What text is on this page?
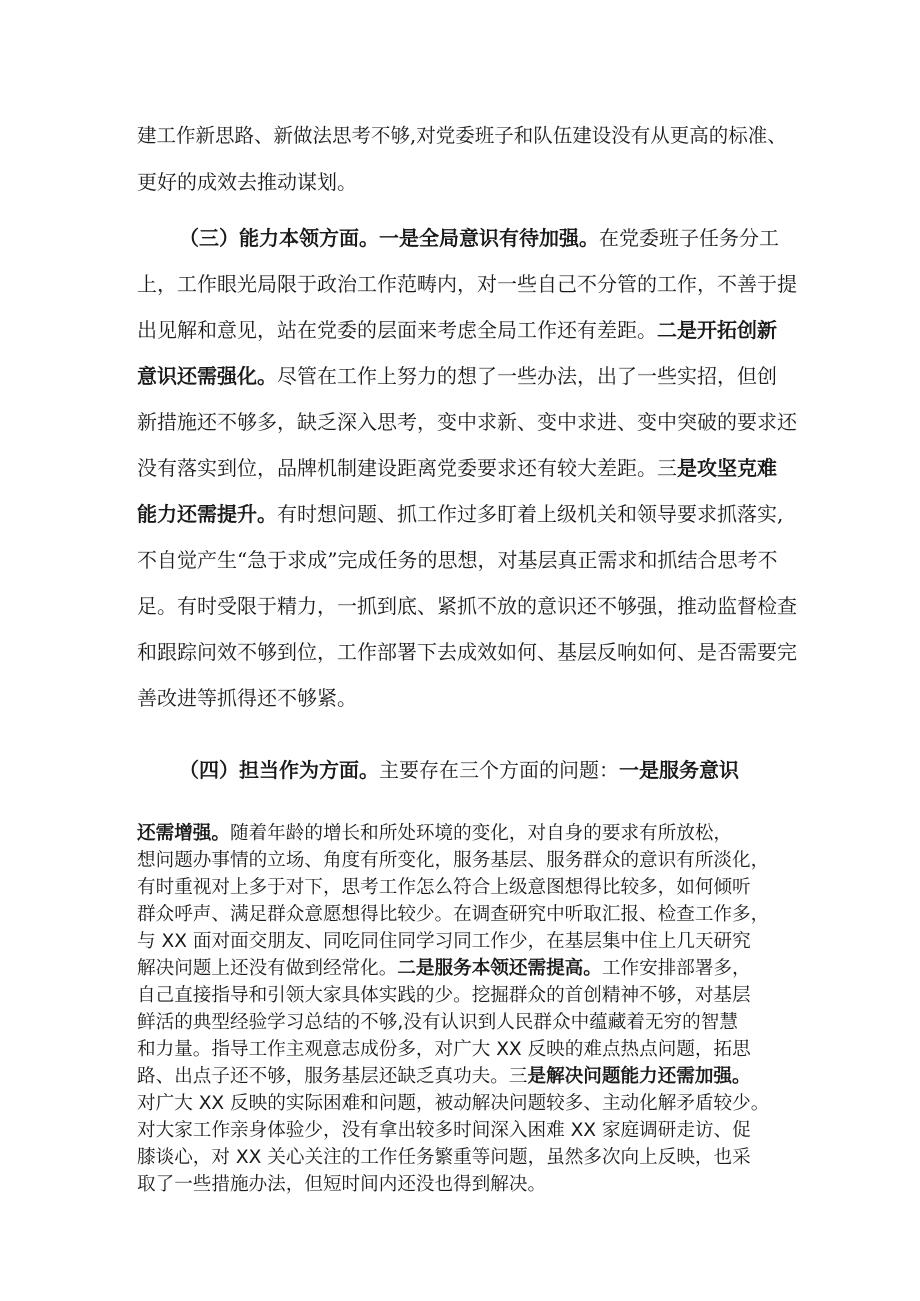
建工作新思路、新做法思考不够,对党委班子和队伍建设没有从更高的标准、
更好的成效去推动谋划。
（三）能力本领方面。一是全局意识有待加强。在党委班子任务分工
上，工作眼光局限于政治工作范畴内，对一些自己不分管的工作，不善于提
出见解和意见，站在党委的层面来考虑全局工作还有差距。二是开拓创新
意识还需强化。尽管在工作上努力的想了一些办法，出了一些实招，但创
新措施还不够多，缺乏深入思考，变中求新、变中求进、变中突破的要求还
没有落实到位，品牌机制建设距离党委要求还有较大差距。三是攻坚克难
能力还需提升。有时想问题、抓工作过多盯着上级机关和领导要求抓落实,
不自觉产生“急于求成”完成任务的思想，对基层真正需求和抓结合思考不
足。有时受限于精力，一抓到底、紧抓不放的意识还不够强，推动监督检查
和跟踪问效不够到位，工作部署下去成效如何、基层反响如何、是否需要完
善改进等抓得还不够紧。
（四）担当作为方面。主要存在三个方面的问题：一是服务意识
还需增强。随着年龄的增长和所处环境的变化，对自身的要求有所放松，
想问题办事情的立场、角度有所变化，服务基层、服务群众的意识有所淡化，
有时重视对上多于对下，思考工作怎么符合上级意图想得比较多，如何倾听
群众呼声、满足群众意愿想得比较少。在调查研究中听取汇报、检查工作多，
与 XX 面对面交朋友、同吃同住同学习同工作少，在基层集中住上几天研究
解决问题上还没有做到经常化。二是服务本领还需提高。工作安排部署多，
自己直接指导和引领大家具体实践的少。挖掘群众的首创精神不够，对基层
鲜活的典型经验学习总结的不够,没有认识到人民群众中蕴藏着无穷的智慧
和力量。指导工作主观意志成份多，对广大 XX 反映的难点热点问题，拓思
路、出点子还不够，服务基层还缺乏真功夫。三是解决问题能力还需加强。
对广大 XX 反映的实际困难和问题，被动解决问题较多、主动化解矛盾较少。
对大家工作亲身体验少，没有拿出较多时间深入困难 XX 家庭调研走访、促
膝谈心，对 XX 关心关注的工作任务繁重等问题，虽然多次向上反映，也采
取了一些措施办法，但短时间内还没也得到解决。
